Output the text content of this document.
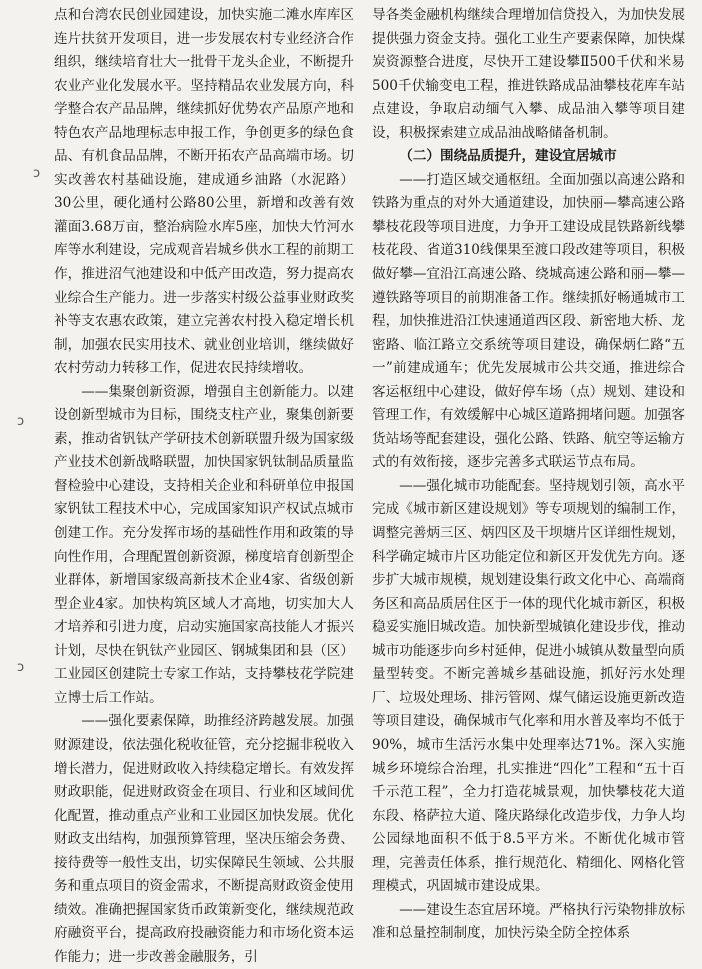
ɔ
ↄ
ɔ

点和台湾农民创业园建设，加快实施二滩水库库区连片扶贫开发项目，进一步发展农村专业经济合作组织，继续培育壮大一批骨干龙头企业，不断提升农业产业化发展水平。坚持精品农业发展方向，科学整合农产品品牌，继续抓好优势农产品原产地和特色农产品地理标志申报工作，争创更多的绿色食品、有机食品品牌，不断开拓农产品高端市场。切实改善农村基础设施，建成通乡油路（水泥路）30公里，硬化通村公路80公里，新增和改善有效灌面3.68万亩，整治病险水库5座，加快大竹河水库等水利建设，完成观音岩城乡供水工程的前期工作，推进沼气池建设和中低产田改造，努力提高农业综合生产能力。进一步落实村级公益事业财政奖补等支农惠农政策，建立完善农村投入稳定增长机制，加强农民实用技术、就业创业培训，继续做好农村劳动力转移工作，促进农民持续增收。

——集聚创新资源，增强自主创新能力。以建设创新型城市为目标，围绕支柱产业，聚集创新要素，推动省钒钛产学研技术创新联盟升级为国家级产业技术创新战略联盟，加快国家钒钛制品质量监督检验中心建设，支持相关企业和科研单位申报国家钒钛工程技术中心，完成国家知识产权试点城市创建工作。充分发挥市场的基础性作用和政策的导向性作用，合理配置创新资源，梯度培育创新型企业群体，新增国家级高新技术企业4家、省级创新型企业4家。加快构筑区域人才高地，切实加大人才培养和引进力度，启动实施国家高技能人才振兴计划，尽快在钒钛产业园区、钢城集团和县（区）工业园区创建院士专家工作站，支持攀枝花学院建立博士后工作站。

——强化要素保障，助推经济跨越发展。加强财源建设，依法强化税收征管，充分挖掘非税收入增长潜力，促进财政收入持续稳定增长。有效发挥财政职能，促进财政资金在项目、行业和区域间优化配置，推动重点产业和工业园区加快发展。优化财政支出结构，加强预算管理，坚决压缩会务费、接待费等一般性支出，切实保障民生领域、公共服务和重点项目的资金需求，不断提高财政资金使用绩效。准确把握国家货币政策新变化，继续规范政府融资平台，提高政府投融资能力和市场化资本运作能力；进一步改善金融服务，引

导各类金融机构继续合理增加信贷投入，为加快发展提供强力资金支持。强化工业生产要素保障，加快煤炭资源整合进度，尽快开工建设攀Ⅱ500千伏和米易500千伏输变电工程，推进铁路成品油攀枝花库车站点建设，争取启动缅气入攀、成品油入攀等项目建设，积极探索建立成品油战略储备机制。

（二）围绕品质提升，建设宜居城市

——打造区域交通枢纽。全面加强以高速公路和铁路为重点的对外大通道建设，加快丽—攀高速公路攀枝花段等项目进度，力争开工建设成昆铁路新线攀枝花段、省道310线倮果至渡口段改建等项目，积极做好攀—宜沿江高速公路、绕城高速公路和丽—攀—遵铁路等项目的前期准备工作。继续抓好畅通城市工程，加快推进沿江快速通道西区段、新密地大桥、龙密路、临江路立交系统等项目建设，确保炳仁路“五一”前建成通车；优先发展城市公共交通，推进综合客运枢纽中心建设，做好停车场（点）规划、建设和管理工作，有效缓解中心城区道路拥堵问题。加强客货站场等配套建设，强化公路、铁路、航空等运输方式的有效衔接，逐步完善多式联运节点布局。

——强化城市功能配套。坚持规划引领，高水平完成《城市新区建设规划》等专项规划的编制工作，调整完善炳三区、炳四区及干坝塘片区详细性规划，科学确定城市片区功能定位和新区开发优先方向。逐步扩大城市规模，规划建设集行政文化中心、高端商务区和高品质居住区于一体的现代化城市新区，积极稳妥实施旧城改造。加快新型城镇化建设步伐，推动城市功能逐步向乡村延伸，促进小城镇从数量型向质量型转变。不断完善城乡基础设施，抓好污水处理厂、垃圾处理场、排污管网、煤气储运设施更新改造等项目建设，确保城市气化率和用水普及率均不低于90%，城市生活污水集中处理率达71%。深入实施城乡环境综合治理，扎实推进“四化”工程和“五十百千示范工程”，全力打造花城景观，加快攀枝花大道东段、格萨拉大道、隆庆路绿化改造步伐，力争人均公园绿地面积不低于8.5平方米。不断优化城市管理，完善责任体系，推行规范化、精细化、网格化管理模式，巩固城市建设成果。

——建设生态宜居环境。严格执行污染物排放标准和总量控制制度，加快污染全防全控体系
